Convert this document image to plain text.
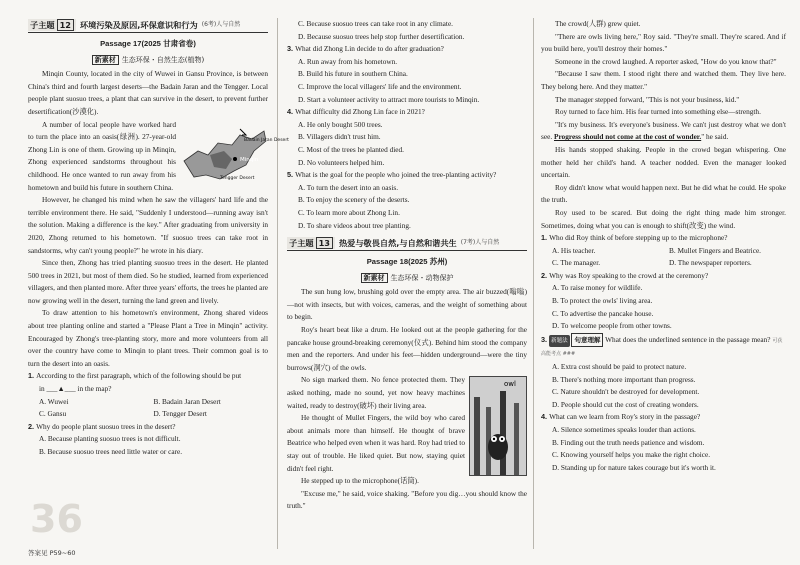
子主题 12	环境污染及原因,环保意识和行为 (6考)人与自然
Passage 17(2025 甘肃省卷)
新素材 生态环保・自然生态(植物)

Minqin County, located in the city of Wuwei in Gansu Province, is between China's third and fourth largest deserts—the Badain Jaran and the Tengger. Local people plant suosuo trees, a plant that can survive in the desert, to prevent further desertification(沙漠化).

Minqin
Badain Jaran Desert
Tengger Desert

A number of local people have worked hard to turn the place into an oasis(绿洲). 27-year-old Zhong Lin is one of them. Growing up in Minqin, Zhong experienced sandstorms throughout his childhood. He once wanted to run away from his hometown and build his future in southern China.

However, he changed his mind when he saw the villagers' hard life and the terrible environment there. He said, "Suddenly I understood—running away isn't the solution. Making a difference is the key." After graduating from university in 2020, Zhong returned to his hometown. "If suosuo trees can take root in sandstorms, why can't young people?" he wrote in his diary.

Since then, Zhong has tried planting suosuo trees in the desert. He planted 500 trees in 2021, but most of them died. So he studied, learned from experienced villagers, and then planted more. After three years' efforts, the trees he planted are now growing well in the desert, turning the land green and lively.

To draw attention to his hometown's environment, Zhong shared videos about tree planting online and started a "Please Plant a Tree in Minqin" activity. Encouraged by Zhong's tree-planting story, more and more volunteers from all over the country have come to Minqin to plant trees. Their common goal is to turn the desert into an oasis.

1. According to the first paragraph, which of the following should be put
in ___▲___ in the map?
A. Wuwei	B. Badain Jaran Desert
C. Gansu	D. Tengger Desert
2. Why do people plant suosuo trees in the desert?
A. Because planting suosuo trees is not difficult.
B. Because suosuo trees need little water or care.
36
答案见 P59~60
C. Because suosuo trees can take root in any climate.
D. Because suosuo trees help stop further desertification.
3. What did Zhong Lin decide to do after graduation?
A. Run away from his hometown.
B. Build his future in southern China.
C. Improve the local villagers' life and the environment.
D. Start a volunteer activity to attract more tourists to Minqin.
4. What difficulty did Zhong Lin face in 2021?
A. He only bought 500 trees.
B. Villagers didn't trust him.
C. Most of the trees he planted died.
D. No volunteers helped him.
5. What is the goal for the people who joined the tree-planting activity?
A. To turn the desert into an oasis.
B. To enjoy the scenery of the deserts.
C. To learn more about Zhong Lin.
D. To share videos about tree planting.
子主题 13	热爱与敬畏自然,与自然和谐共生 (7考)人与自然
Passage 18(2025 苏州)
新素材 生态环保・动物保护

The sun hung low, brushing gold over the empty area. The air buzzed(嗡嗡)—not with insects, but with voices, cameras, and the weight of something about to begin.

Roy's heart beat like a drum. He looked out at the people gathering for the pancake house ground-breaking ceremony(仪式). Behind him stood the company men and the reporters. And under his feet—hidden underground—were the tiny burrows(洞穴) of the owls.

owl

No sign marked them. No fence protected them. They asked nothing, made no sound, yet now heavy machines waited, ready to destroy(破坏) their living area.

He thought of Mullet Fingers, the wild boy who cared about animals more than himself. He thought of brave Beatrice who helped even when it was hard. Roy had tried to stay out of trouble. He liked quiet. But now, staying quiet didn't feel right.

He stepped up to the microphone(话筒).

"Excuse me," he said, voice shaking. "Before you dig…you should know the truth."

The crowd(人群) grew quiet.

"There are owls living here," Roy said. "They're small. They're scared. And if you build here, you'll destroy their homes."

Someone in the crowd laughed. A reporter asked, "How do you know that?"

"Because I saw them. I stood right there and watched them. They live here. They belong here. And they matter."

The manager stepped forward, "This is not your business, kid."

Roy turned to face him. His fear turned into something else—strength.

"It's my business. It's everyone's business. We can't just destroy what we don't see. Progress should not come at the cost of wonder." he said.

His hands stopped shaking. People in the crowd began whispering. One mother held her child's hand. A teacher nodded. Even the manager looked uncertain.

Roy didn't know what would happen next. But he did what he could. He spoke the truth.

Roy used to be scared. But doing the right thing made him stronger. Sometimes, doing what you can is enough to shift(改变) the wind.

1. Who did Roy think of before stepping up to the microphone?
A. His teacher.	B. Mullet Fingers and Beatrice.
C. The manager.	D. The newspaper reporters.
2. Why was Roy speaking to the crowd at the ceremony?
A. To raise money for wildlife.
B. To protect the owls' living area.
C. To advertise the pancake house.
D. To welcome people from other towns.
3. 新题法 句意理解 What does the underlined sentence in the passage mean? 可获高能考点 ###
A. Extra cost should be paid to protect nature.
B. There's nothing more important than progress.
C. Nature shouldn't be destroyed for development.
D. People should cut the cost of creating wonders.
4. What can we learn from Roy's story in the passage?
A. Silence sometimes speaks louder than actions.
B. Finding out the truth needs patience and wisdom.
C. Knowing yourself helps you make the right choice.
D. Standing up for nature takes courage but it's worth it.
